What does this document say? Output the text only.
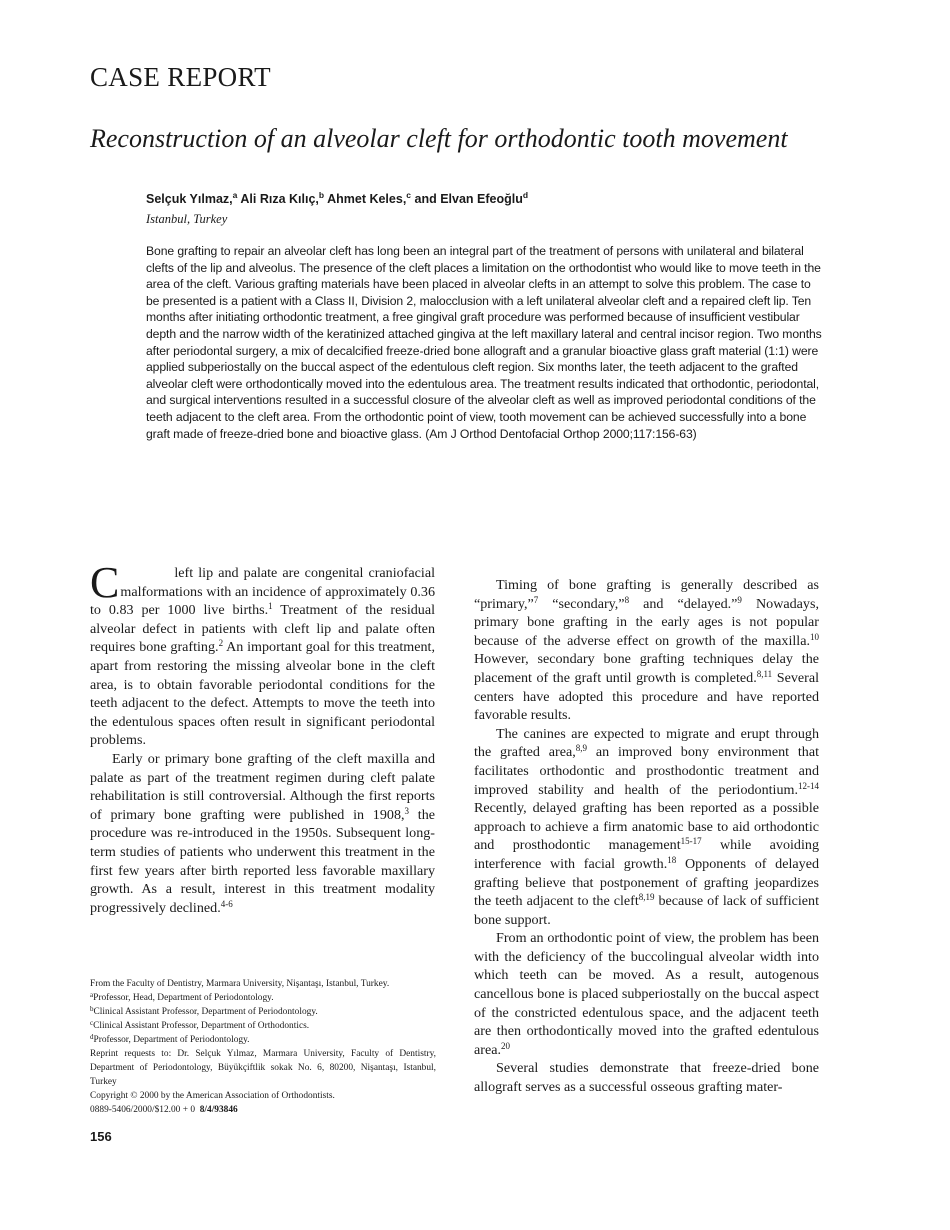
CASE REPORT
Reconstruction of an alveolar cleft for orthodontic tooth movement
Selçuk Yılmaz,$^a$ Ali Rıza Kılıç,$^b$ Ahmet Keles,$^c$ and Elvan Efeoğlu$^d$
Istanbul, Turkey

Bone grafting to repair an alveolar cleft has long been an integral part of the treatment of persons with unilateral and bilateral clefts of the lip and alveolus. The presence of the cleft places a limitation on the orthodontist who would like to move teeth in the area of the cleft. Various grafting materials have been placed in alveolar clefts in an attempt to solve this problem. The case to be presented is a patient with a Class II, Division 2, malocclusion with a left unilateral alveolar cleft and a repaired cleft lip. Ten months after initiating orthodontic treatment, a free gingival graft procedure was performed because of insufficient vestibular depth and the narrow width of the keratinized attached gingiva at the left maxillary lateral and central incisor region. Two months after periodontal surgery, a mix of decalcified freeze-dried bone allograft and a granular bioactive glass graft material (1:1) were applied subperiostally on the buccal aspect of the edentulous cleft region. Six months later, the teeth adjacent to the grafted alveolar cleft were orthodontically moved into the edentulous area. The treatment results indicated that orthodontic, periodontal, and surgical interventions resulted in a successful closure of the alveolar cleft as well as improved periodontal conditions of the teeth adjacent to the cleft area. From the orthodontic point of view, tooth movement can be achieved successfully into a bone graft made of freeze-dried bone and bioactive glass. (Am J Orthod Dentofacial Orthop 2000;117:156-63)

C	left lip and palate are congenital craniofacial malformations with an incidence of approximately 0.36 to 0.83 per 1000 live births.$^1$ Treatment of the residual alveolar defect in patients with cleft lip and palate often requires bone grafting.$^2$ An important goal for this treatment, apart from restoring the missing alveolar bone in the cleft area, is to obtain favorable periodontal conditions for the teeth adjacent to the defect. Attempts to move the teeth into the edentulous spaces often result in significant periodontal problems.

Early or primary bone grafting of the cleft maxilla and palate as part of the treatment regimen during cleft palate rehabilitation is still controversial. Although the first reports of primary bone grafting were published in 1908,$^3$ the procedure was re-introduced in the 1950s. Subsequent long-term studies of patients who underwent this treatment in the first few years after birth reported less favorable maxillary growth. As a result, interest in this treatment modality progressively declined.$^{4-6}$

Timing of bone grafting is generally described as “primary,”$^7$ “secondary,”$^8$ and “delayed.”$^9$ Nowadays, primary bone grafting in the early ages is not popular because of the adverse effect on growth of the maxilla.$^{10}$ However, secondary bone grafting techniques delay the placement of the graft until growth is completed.$^{8,11}$ Several centers have adopted this procedure and have reported favorable results.

The canines are expected to migrate and erupt through the grafted area,$^{8,9}$ an improved bony environment that facilitates orthodontic and prosthodontic treatment and improved stability and health of the periodontium.$^{12-14}$ Recently, delayed grafting has been reported as a possible approach to achieve a firm anatomic base to aid orthodontic and prosthodontic management$^{15-17}$ while avoiding interference with facial growth.$^{18}$ Opponents of delayed grafting believe that postponement of grafting jeopardizes the teeth adjacent to the cleft$^{8,19}$ because of lack of sufficient bone support.

From an orthodontic point of view, the problem has been with the deficiency of the buccolingual alveolar width into which teeth can be moved. As a result, autogenous cancellous bone is placed subperiostally on the buccal aspect of the constricted edentulous space, and the adjacent teeth are then orthodontically moved into the grafted edentulous area.$^{20}$

Several studies demonstrate that freeze-dried bone allograft serves as a successful osseous grafting mater-

From the Faculty of Dentistry, Marmara University, Nişantaşı, Istanbul, Turkey.
$^a$Professor, Head, Department of Periodontology.
$^b$Clinical Assistant Professor, Department of Periodontology.
$^c$Clinical Assistant Professor, Department of Orthodontics.
$^d$Professor, Department of Periodontology.
Reprint requests to: Dr. Selçuk Yılmaz, Marmara University, Faculty of Dentistry, Department of Periodontology, Büyükçiftlik sokak No. 6, 80200, Nişantaşı, Istanbul, Turkey
Copyright © 2000 by the American Association of Orthodontists.
0889-5406/2000/$12.00 + 0  8/4/93846
156
